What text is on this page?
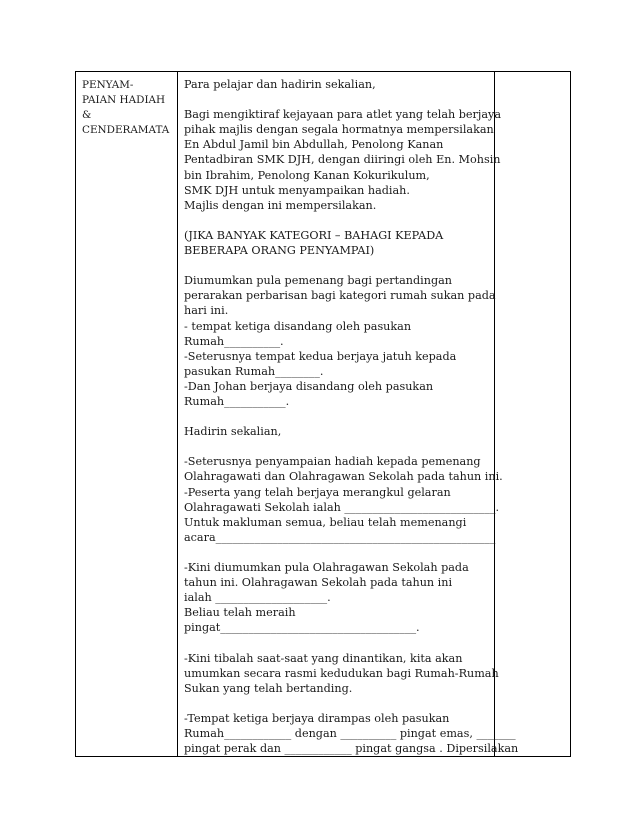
PENYAM-
PAIAN HADIAH
&
CENDERAMATA

Para pelajar dan hadirin sekalian,
Bagi mengiktiraf kejayaan para atlet yang telah berjaya
pihak majlis dengan segala hormatnya mempersilakan
En Abdul Jamil bin Abdullah, Penolong Kanan
Pentadbiran SMK DJH, dengan diiringi oleh En. Mohsin
bin Ibrahim, Penolong Kanan Kokurikulum,
SMK DJH untuk menyampaikan hadiah.
Majlis dengan ini mempersilakan.
(JIKA BANYAK KATEGORI – BAHAGI KEPADA
BEBERAPA ORANG PENYAMPAI)
Diumumkan pula pemenang bagi pertandingan
perarakan perbarisan bagi kategori rumah sukan pada
hari ini.
- tempat ketiga disandang oleh pasukan
Rumah__________.
-Seterusnya tempat kedua berjaya jatuh kepada
pasukan Rumah________.
-Dan Johan berjaya disandang oleh pasukan
Rumah___________.
Hadirin sekalian,
-Seterusnya penyampaian hadiah kepada pemenang
Olahragawati dan Olahragawan Sekolah pada tahun ini.
-Peserta yang telah berjaya merangkul gelaran
Olahragawati Sekolah ialah ___________________________.
Untuk makluman semua, beliau telah memenangi
acara__________________________________________________
-Kini diumumkan pula Olahragawan Sekolah pada
tahun ini. Olahragawan Sekolah pada tahun ini
ialah ____________________.
Beliau telah meraih
pingat___________________________________.
-Kini tibalah saat-saat yang dinantikan, kita akan
umumkan secara rasmi kedudukan bagi Rumah-Rumah
Sukan yang telah bertanding.
-Tempat ketiga berjaya dirampas oleh pasukan
Rumah____________ dengan __________ pingat emas, _______
pingat perak dan ____________ pingat gangsa . Dipersilakan
